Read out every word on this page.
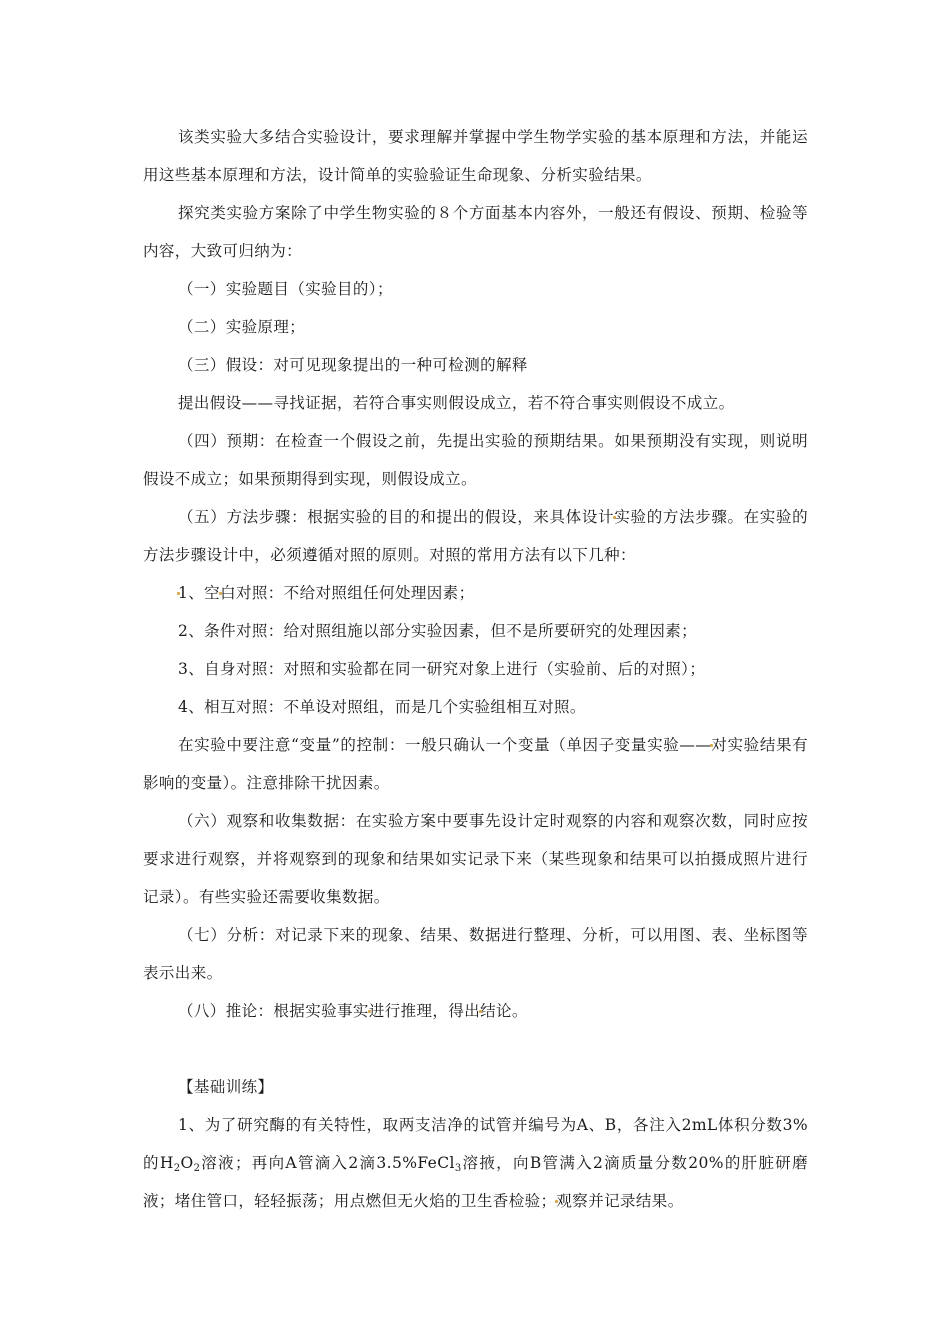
该类实验大多结合实验设计，要求理解并掌握中学生物学实验的基本原理和方法，并能运用这些基本原理和方法，设计简单的实验验证生命现象、分析实验结果。

探究类实验方案除了中学生物实验的８个方面基本内容外，一般还有假设、预期、检验等内容，大致可归纳为：

（一）实验题目（实验目的）；

（二）实验原理；

（三）假设：对可见现象提出的一种可检测的解释

提出假设——寻找证据，若符合事实则假设成立，若不符合事实则假设不成立。

（四）预期：在检查一个假设之前，先提出实验的预期结果。如果预期没有实现，则说明假设不成立；如果预期得到实现，则假设成立。

（五）方法步骤：根据实验的目的和提出的假设，来具体设计实验的方法步骤。在实验的方法步骤设计中，必须遵循对照的原则。对照的常用方法有以下几种：

1、空白对照：不给对照组任何处理因素；

2、条件对照：给对照组施以部分实验因素，但不是所要研究的处理因素；

3、自身对照：对照和实验都在同一研究对象上进行（实验前、后的对照）；

4、相互对照：不单设对照组，而是几个实验组相互对照。

在实验中要注意“变量”的控制：一般只确认一个变量（单因子变量实验——对实验结果有影响的变量）。注意排除干扰因素。

（六）观察和收集数据：在实验方案中要事先设计定时观察的内容和观察次数，同时应按要求进行观察，并将观察到的现象和结果如实记录下来（某些现象和结果可以拍摄成照片进行记录）。有些实验还需要收集数据。

（七）分析：对记录下来的现象、结果、数据进行整理、分析，可以用图、表、坐标图等表示出来。

（八）推论：根据实验事实进行推理，得出结论。

【基础训练】

1、为了研究酶的有关特性，取两支洁净的试管并编号为A、B，各注入2mL体积分数3%的$H_2O_2$溶液；再向A管滴入2滴3.5%FeCl$_3$溶掖，向B管满入2滴质量分数20%的肝脏研磨液；堵住管口，轻轻振荡；用点燃但无火焰的卫生香检验；观察并记录结果。
